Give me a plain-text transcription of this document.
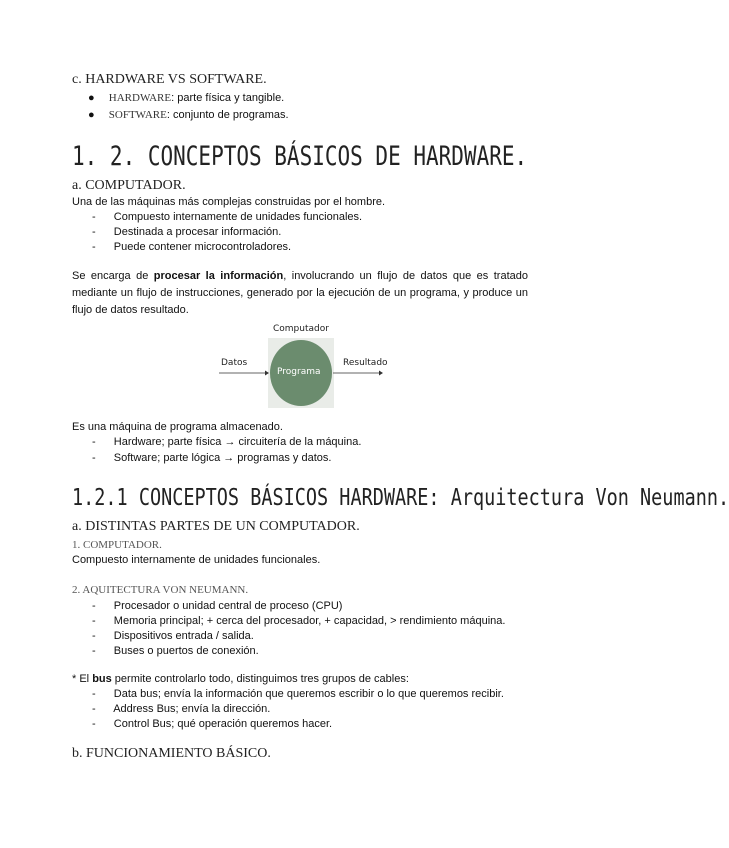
c. HARDWARE VS SOFTWARE.
● HARDWARE: parte física y tangible.
● SOFTWARE: conjunto de programas.
1. 2. CONCEPTOS BÁSICOS DE HARDWARE.
a. COMPUTADOR.
Una de las máquinas más complejas construidas por el hombre.
- Compuesto internamente de unidades funcionales.
- Destinada a procesar información.
- Puede contener microcontroladores.
Se encarga de procesar la información, involucrando un flujo de datos que es tratado mediante un flujo de instrucciones, generado por la ejecución de un programa, y produce un flujo de datos resultado.
Computador
Programa
Datos	Resultado
Es una máquina de programa almacenado.
- Hardware; parte física → circuitería de la máquina.
- Software; parte lógica → programas y datos.
1.2.1 CONCEPTOS BÁSICOS HARDWARE: Arquitectura Von Neumann.
a. DISTINTAS PARTES DE UN COMPUTADOR.
1. COMPUTADOR.
Compuesto internamente de unidades funcionales.
2. AQUITECTURA VON NEUMANN.
- Procesador o unidad central de proceso (CPU)
- Memoria principal; + cerca del procesador, + capacidad, > rendimiento máquina.
- Dispositivos entrada / salida.
- Buses o puertos de conexión.
* El bus permite controlarlo todo, distinguimos tres grupos de cables:
- Data bus; envía la información que queremos escribir o lo que queremos recibir.
- Address Bus; envía la dirección.
- Control Bus; qué operación queremos hacer.
b. FUNCIONAMIENTO BÁSICO.
